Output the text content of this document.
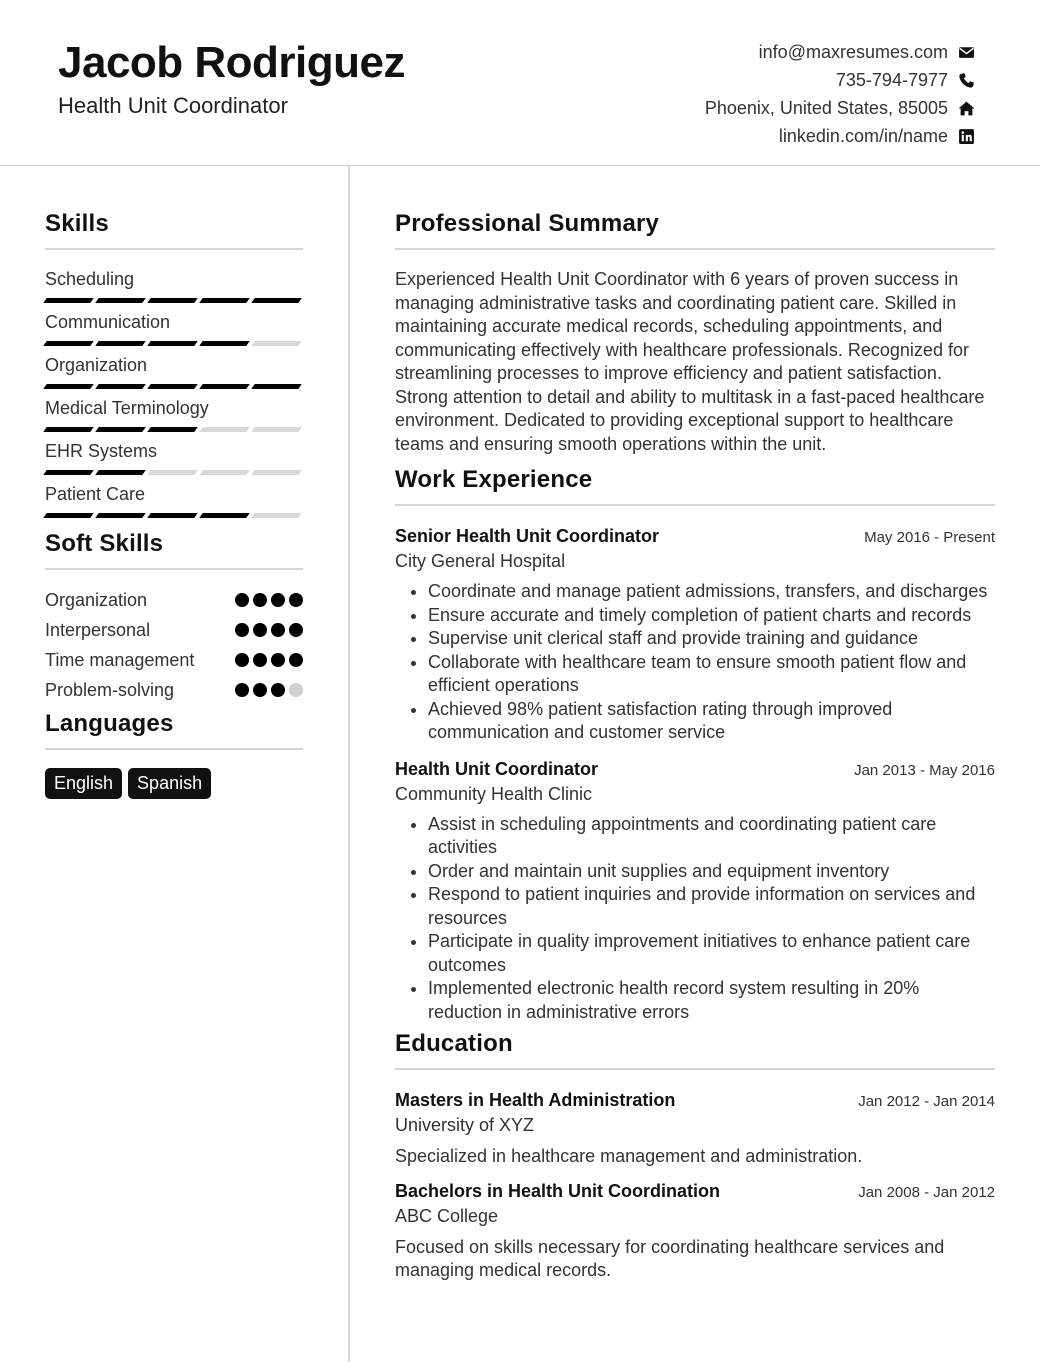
Jacob Rodriguez
Health Unit Coordinator
info@maxresumes.com
735-794-7977
Phoenix, United States, 85005
linkedin.com/in/name
Skills
Scheduling
Communication
Organization
Medical Terminology
EHR Systems
Patient Care
Soft Skills
Organization
Interpersonal
Time management
Problem-solving
Languages
English	Spanish
Professional Summary

Experienced Health Unit Coordinator with 6 years of proven success in managing administrative tasks and coordinating patient care. Skilled in maintaining accurate medical records, scheduling appointments, and communicating effectively with healthcare professionals. Recognized for streamlining processes to improve efficiency and patient satisfaction. Strong attention to detail and ability to multitask in a fast-paced healthcare environment. Dedicated to providing exceptional support to healthcare teams and ensuring smooth operations within the unit.

Work Experience
Senior Health Unit Coordinator	May 2016 - Present
City General Hospital
• Coordinate and manage patient admissions, transfers, and discharges
• Ensure accurate and timely completion of patient charts and records
• Supervise unit clerical staff and provide training and guidance
• Collaborate with healthcare team to ensure smooth patient flow and efficient operations
• Achieved 98% patient satisfaction rating through improved communication and customer service
Health Unit Coordinator	Jan 2013 - May 2016
Community Health Clinic
• Assist in scheduling appointments and coordinating patient care activities
• Order and maintain unit supplies and equipment inventory
• Respond to patient inquiries and provide information on services and resources
• Participate in quality improvement initiatives to enhance patient care outcomes
• Implemented electronic health record system resulting in 20% reduction in administrative errors
Education
Masters in Health Administration	Jan 2012 - Jan 2014
University of XYZ

Specialized in healthcare management and administration.

Bachelors in Health Unit Coordination	Jan 2008 - Jan 2012
ABC College

Focused on skills necessary for coordinating healthcare services and managing medical records.
